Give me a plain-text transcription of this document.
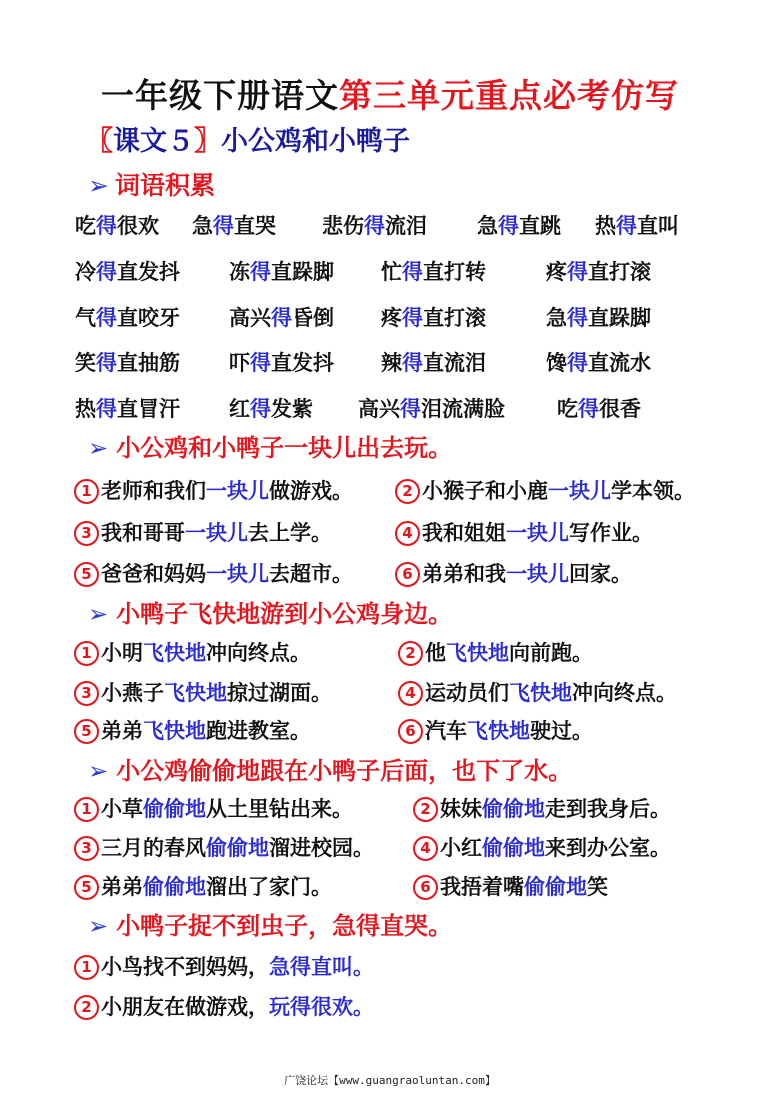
一年级下册语文第三单元重点必考仿写
〖课文５〗小公鸡和小鸭子
➢ 词语积累
吃得很欢 急得直哭 悲伤得流泪 急得直跳 热得直叫
冷得直发抖 冻得直跺脚 忙得直打转	疼得直打滚
气得直咬牙 高兴得昏倒 疼得直打滚	急得直跺脚
笑得直抽筋 吓得直发抖 辣得直流泪	馋得直流水
热得直冒汗 红得发紫 高兴得泪流满脸 吃得很香
➢ 小公鸡和小鸭子一块儿出去玩。
1 老师和我们一块儿做游戏。	2 小猴子和小鹿一块儿学本领。
3 我和哥哥一块儿去上学。	4 我和姐姐一块儿写作业。
5 爸爸和妈妈一块儿去超市。	6 弟弟和我一块儿回家。
➢ 小鸭子飞快地游到小公鸡身边。
1 小明飞快地冲向终点。	2 他飞快地向前跑。
3 小燕子飞快地掠过湖面。	4 运动员们飞快地冲向终点。
5 弟弟飞快地跑进教室。	6 汽车飞快地驶过。
➢ 小公鸡偷偷地跟在小鸭子后面，也下了水。
1 小草偷偷地从土里钻出来。	2 妹妹偷偷地走到我身后。
3 三月的春风偷偷地溜进校园。	4 小红偷偷地来到办公室。
5 弟弟偷偷地溜出了家门。	6 我捂着嘴偷偷地笑
➢ 小鸭子捉不到虫子，急得直哭。
1 小鸟找不到妈妈，急得直叫。
2 小朋友在做游戏，玩得很欢。
广饶论坛【www.guangraoluntan.com】
